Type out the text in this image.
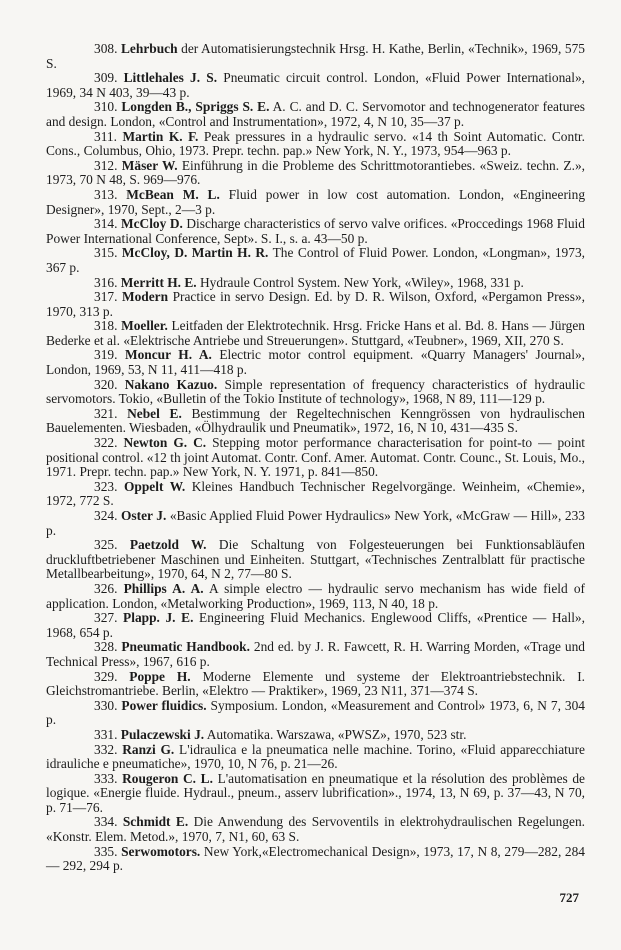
308. Lehrbuch der Automatisierungstechnik Hrsg. H. Kathe, Berlin, «Technik», 1969, 575 S.
309. Littlehales J. S. Pneumatic circuit control. London, «Fluid Power International», 1969, 34 N 403, 39—43 p.
310. Longden B., Spriggs S. E. A. C. and D. C. Servomotor and technogenerator features and design. London, «Control and Instrumentation», 1972, 4, N 10, 35—37 p.
311. Martin K. F. Peak pressures in a hydraulic servo. «14 th Soint Automatic. Contr. Cons., Columbus, Ohio, 1973. Prepr. techn. pap.» New York, N. Y., 1973, 954—963 p.
312. Mäser W. Einführung in die Probleme des Schrittmotorantiebes. «Sweiz. techn. Z.», 1973, 70 N 48, S. 969—976.
313. McBean M. L. Fluid power in low cost automation. London, «Engineering Designer», 1970, Sept., 2—3 p.
314. McCloy D. Discharge characteristics of servo valve orifices. «Proccedings 1968 Fluid Power International Conference, Sept». S. I., s. a. 43—50 p.
315. McCloy, D. Martin H. R. The Control of Fluid Power. London, «Longman», 1973, 367 p.
316. Merritt H. E. Hydraule Control System. New York, «Wiley», 1968, 331 p.
317. Modern Practice in servo Design. Ed. by D. R. Wilson, Oxford, «Pergamon Press», 1970, 313 p.
318. Moeller. Leitfaden der Elektrotechnik. Hrsg. Fricke Hans et al. Bd. 8. Hans — Jürgen Bederke et al. «Elektrische Antriebe und Streuerungen». Stuttgard, «Teubner», 1969, XII, 270 S.
319. Moncur H. A. Electric motor control equipment. «Quarry Managers' Journal», London, 1969, 53, N 11, 411—418 p.
320. Nakano Kazuo. Simple representation of frequency characteristics of hydraulic servomotors. Tokio, «Bulletin of the Tokio Institute of technology», 1968, N 89, 111—129 p.
321. Nebel E. Bestimmung der Regeltechnischen Kenngrössen von hydraulischen Bauelementen. Wiesbaden, «Ölhydraulik und Pneumatik», 1972, 16, N 10, 431—435 S.
322. Newton G. C. Stepping motor performance characterisation for point-to — point positional control. «12 th joint Automat. Contr. Conf. Amer. Automat. Contr. Counc., St. Louis, Mo., 1971. Prepr. techn. pap.» New York, N. Y. 1971, p. 841—850.
323. Oppelt W. Kleines Handbuch Technischer Regelvorgänge. Weinheim, «Chemie», 1972, 772 S.
324. Oster J. «Basic Applied Fluid Power Hydraulics» New York, «McGraw — Hill», 233 p.
325. Paetzold W. Die Schaltung von Folgesteuerungen bei Funktionsabläufen druckluftbetriebener Maschinen und Einheiten. Stuttgart, «Technisches Zentralblatt für practische Metallbearbeitung», 1970, 64, N 2, 77—80 S.
326. Phillips A. A. A simple electro — hydraulic servo mechanism has wide field of application. London, «Metalworking Production», 1969, 113, N 40, 18 p.
327. Plapp. J. E. Engineering Fluid Mechanics. Englewood Cliffs, «Prentice — Hall», 1968, 654 p.
328. Pneumatic Handbook. 2nd ed. by J. R. Fawcett, R. H. Warring Morden, «Trage und Technical Press», 1967, 616 p.
329. Poppe H. Moderne Elemente und systeme der Elektroantriebstechnik. I. Gleichstromantriebe. Berlin, «Elektro — Praktiker», 1969, 23 N11, 371—374 S.
330. Power fluidics. Symposium. London, «Measurement and Control» 1973, 6, N 7, 304 p.
331. Pulaczewski J. Automatika. Warszawa, «PWSZ», 1970, 523 str.
332. Ranzi G. L'idraulica e la pneumatica nelle machine. Torino, «Fluid apparecchiature idrauliche e pneumatiche», 1970, 10, N 76, p. 21—26.
333. Rougeron C. L. L'automatisation en pneumatique et la résolution des problèmes de logique. «Energie fluide. Hydraul., pneum., asserv lubrification»., 1974, 13, N 69, p. 37—43, N 70, p. 71—76.
334. Schmidt E. Die Anwendung des Servoventils in elektrohydraulischen Regelungen. «Konstr. Elem. Metod.», 1970, 7, N1, 60, 63 S.
335. Serwomotors. New York,«Electromechanical Design», 1973, 17, N 8, 279—282, 284 — 292, 294 p.
727
